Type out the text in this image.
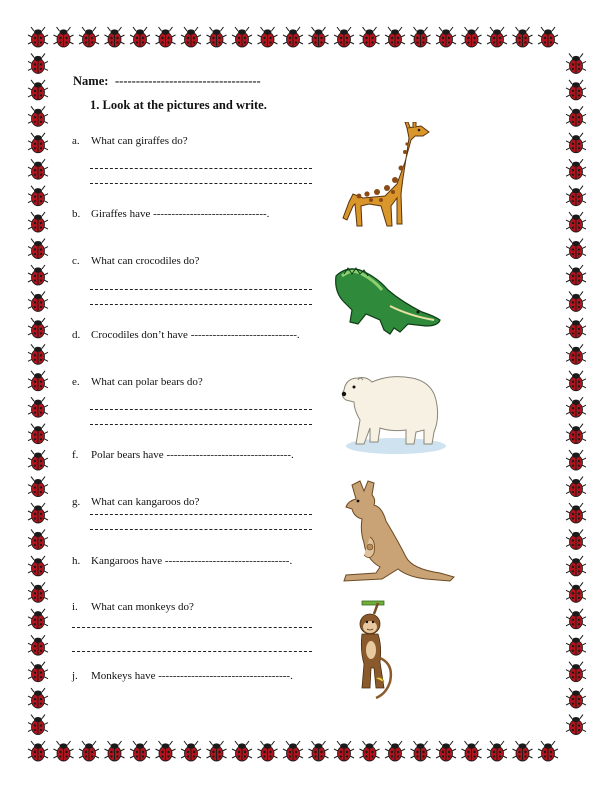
Name: -----------------------------------
1. Look at the pictures and write.
a. What can giraffes do?
b. Giraffes have -------------------------------.
c. What can crocodiles do?
d. Crocodiles don’t have -----------------------------.
e. What can polar bears do?
f. Polar bears have ----------------------------------.
g. What can kangaroos do?
h. Kangaroos have ----------------------------------.
i. What can monkeys do?
j. Monkeys have ------------------------------------.
